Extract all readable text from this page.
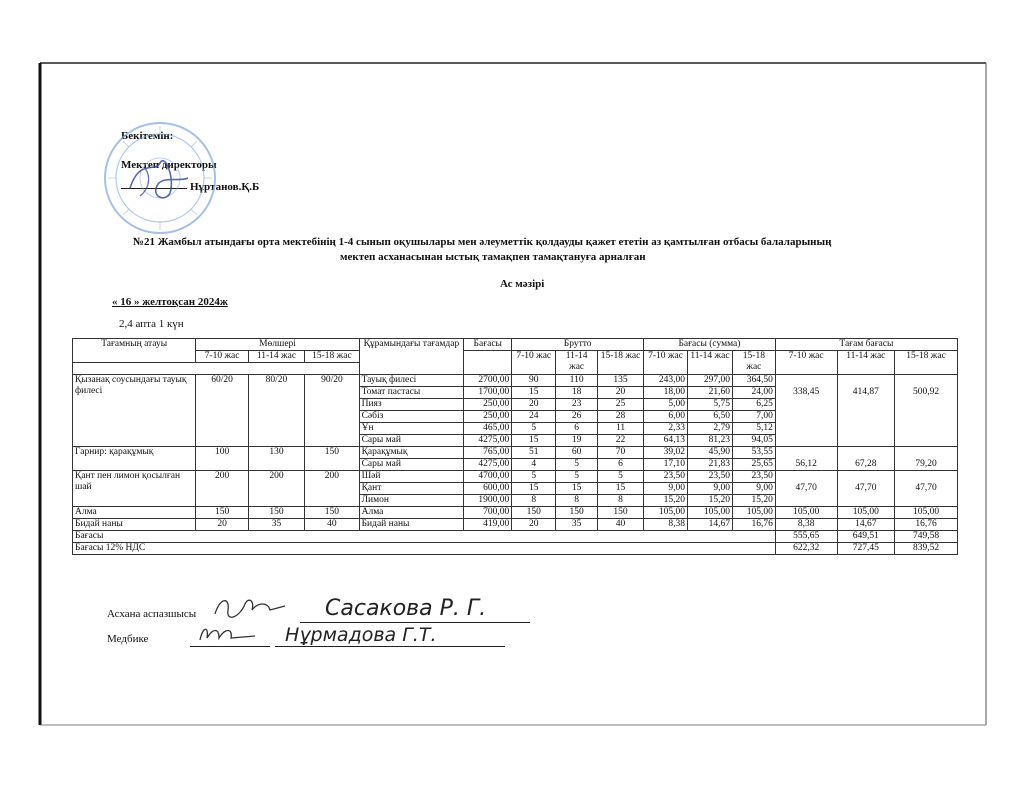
Бекітемін:
Мектеп директоры
Нұртанов.Қ.Б
№21 Жамбыл атындағы орта мектебінің 1-4 сынып оқушылары мен әлеуметтік қолдауды қажет ететін аз қамтылған отбасы балаларының
мектеп асханасынан ыстық тамақпен тамақтануға арналған
Ас мәзірі
« 16 » желтоқсан 2024ж
2,4 апта 1 күн
Тағамның атауы	Мөлшері			Құрамындағы тағамдар	Бағасы	Брутто			Бағасы (сумма)			Тағам бағасы		
	7-10 жас	11-14 жас	15-18 жас			7-10 жас	11-14 жас	15-18 жас	7-10 жас	11-14 жас	15-18 жас	7-10 жас	11-14 жас	15-18 жас

Қызанақ соусындағы тауық филесі	60/20	80/20	90/20	Тауық филесі	2700,00	90	110	135	243,00	297,00	364,50	338,45	414,87	500,92
				Томат пастасы	1700,00	15	18	20	18,00	21,60	24,00			
				Пияз	250,00	20	23	25	5,00	5,75	6,25			
				Сәбіз	250,00	24	26	28	6,00	6,50	7,00			
				Ұн	465,00	5	6	11	2,33	2,79	5,12			
				Сары май	4275,00	15	19	22	64,13	81,23	94,05			
Гарнир: қарақұмық	100	130	150	Қарақұмық	765,00	51	60	70	39,02	45,90	53,55	56,12	67,28	79,20
				Сары май	4275,00	4	5	6	17,10	21,83	25,65			
Қант пен лимон қосылған шай	200	200	200	Шәй	4700,00	5	5	5	23,50	23,50	23,50	47,70	47,70	47,70
				Қант	600,00	15	15	15	9,00	9,00	9,00			
				Лимон	1900,00	8	8	8	15,20	15,20	15,20			
Алма	150	150	150	Алма	700,00	150	150	150	105,00	105,00	105,00	105,00	105,00	105,00
Бидай наны	20	35	40	Бидай наны	419,00	20	35	40	8,38	14,67	16,76	8,38	14,67	16,76
Бағасы												555,65	649,51	749,58
Бағасы 12% НДС												622,32	727,45	839,52
Асхана аспазшысы	Сасакова Р. Г.
Медбике	Нұрмадова Г.Т.
